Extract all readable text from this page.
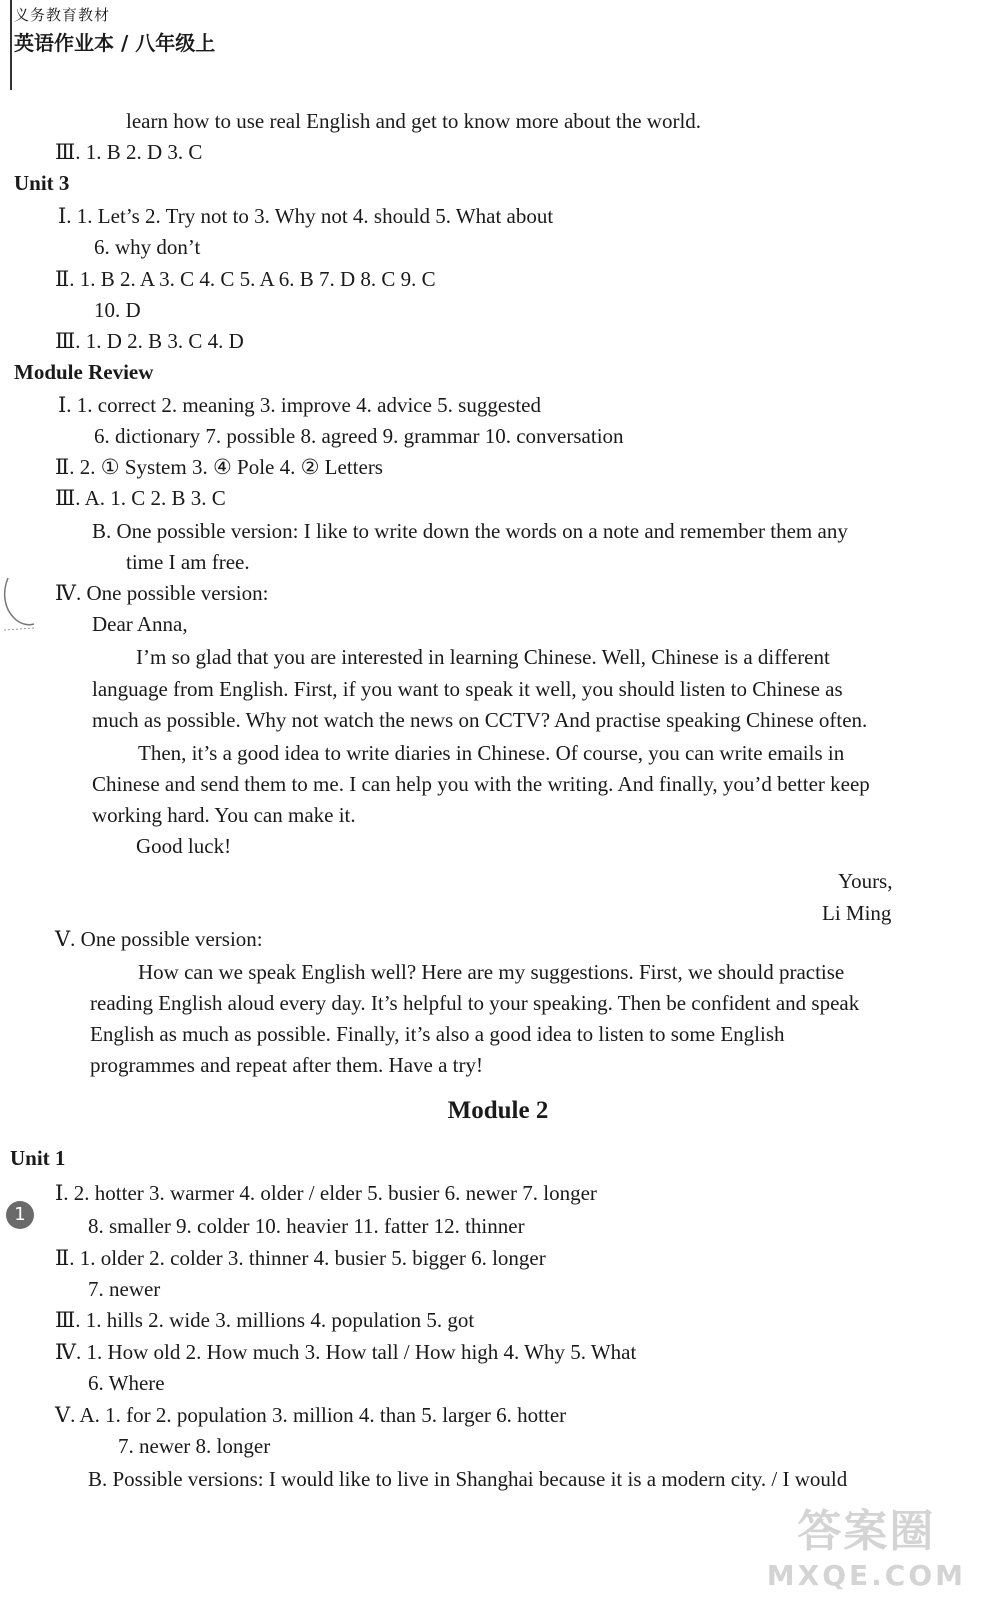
义务教育教材
英语作业本 / 八年级上
learn how to use real English and get to know more about the world.
Ⅲ. 1. B 2. D 3. C
Unit 3
Ⅰ. 1. Let’s 2. Try not to 3. Why not 4. should 5. What about
6. why don’t
Ⅱ. 1. B 2. A 3. C 4. C 5. A 6. B 7. D 8. C 9. C
10. D
Ⅲ. 1. D 2. B 3. C 4. D
Module Review
Ⅰ. 1. correct 2. meaning 3. improve 4. advice 5. suggested
6. dictionary 7. possible 8. agreed 9. grammar 10. conversation
Ⅱ. 2. ① System 3. ④ Pole 4. ② Letters
Ⅲ. A. 1. C 2. B 3. C
B. One possible version: I like to write down the words on a note and remember them any
time I am free.
Ⅳ. One possible version:
Dear Anna,
I’m so glad that you are interested in learning Chinese. Well, Chinese is a different
language from English. First, if you want to speak it well, you should listen to Chinese as
much as possible. Why not watch the news on CCTV? And practise speaking Chinese often.
Then, it’s a good idea to write diaries in Chinese. Of course, you can write emails in
Chinese and send them to me. I can help you with the writing. And finally, you’d better keep
working hard. You can make it.
Good luck!
Yours,
Li Ming
Ⅴ. One possible version:
How can we speak English well? Here are my suggestions. First, we should practise
reading English aloud every day. It’s helpful to your speaking. Then be confident and speak
English as much as possible. Finally, it’s also a good idea to listen to some English
programmes and repeat after them. Have a try!
Module 2
Unit 1
1
Ⅰ. 2. hotter 3. warmer 4. older / elder 5. busier 6. newer 7. longer
8. smaller 9. colder 10. heavier 11. fatter 12. thinner
Ⅱ. 1. older 2. colder 3. thinner 4. busier 5. bigger 6. longer
7. newer
Ⅲ. 1. hills 2. wide 3. millions 4. population 5. got
Ⅳ. 1. How old 2. How much 3. How tall / How high 4. Why 5. What
6. Where
Ⅴ. A. 1. for 2. population 3. million 4. than 5. larger 6. hotter
7. newer 8. longer
B. Possible versions: I would like to live in Shanghai because it is a modern city. / I would
答案圈
MXQE.COM
